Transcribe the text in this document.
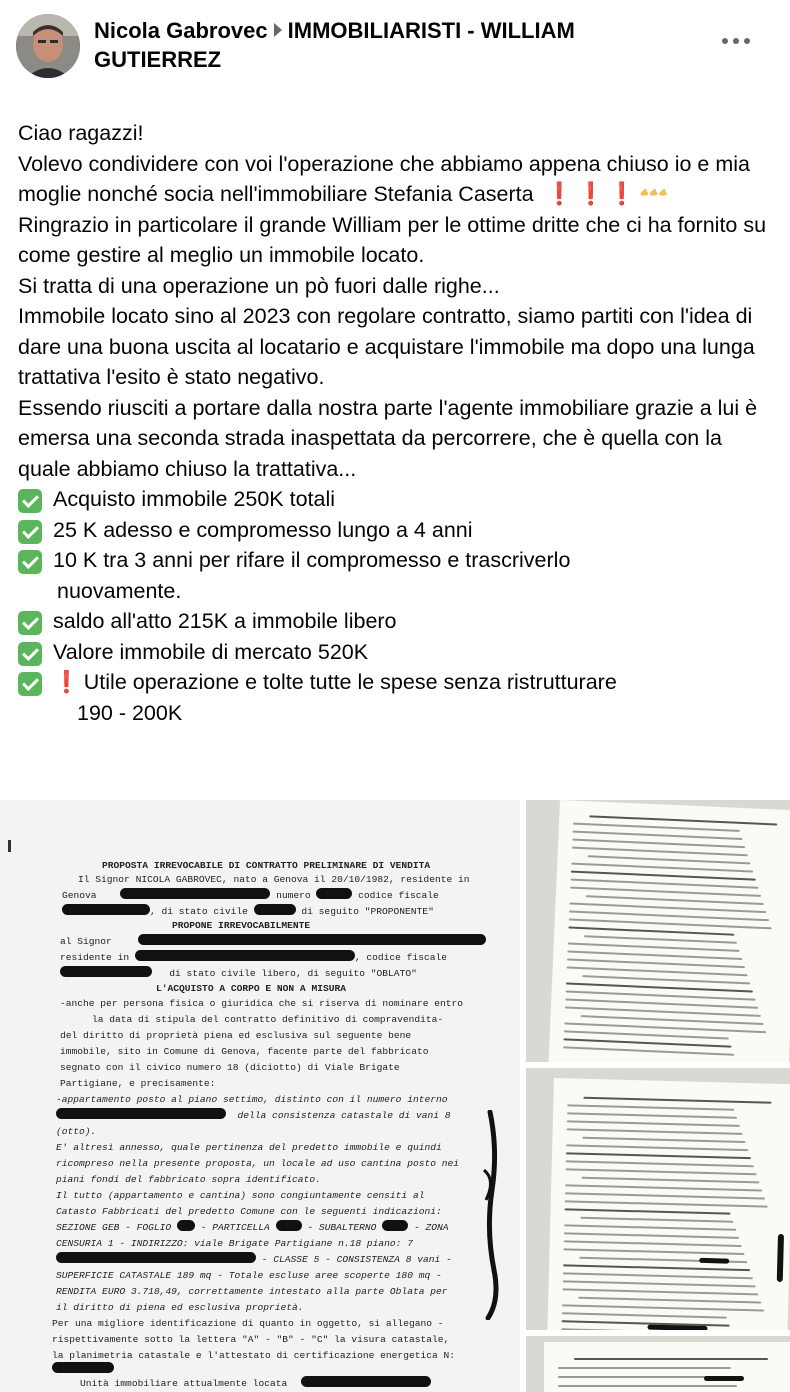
Nicola Gabrovec IMMOBILIARISTI - WILLIAM GUTIERREZ

Ciao ragazzi!

Volevo condividere con voi l'operazione che abbiamo appena chiuso io e mia moglie nonché socia nell'immobiliare Stefania Caserta ❗❗❗

Ringrazio in particolare il grande William per le ottime dritte che ci ha fornito su come gestire al meglio un immobile locato.

Si tratta di una operazione un pò fuori dalle righe...

Immobile locato sino al 2023 con regolare contratto, siamo partiti con l'idea di dare una buona uscita al locatario e acquistare l'immobile ma dopo una lunga trattativa l'esito è stato negativo.

Essendo riusciti a portare dalla nostra parte l'agente immobiliare grazie a lui è emersa una seconda strada inaspettata da percorrere, che è quella con la quale abbiamo chiuso la trattativa...

Acquisto immobile 250K totali
25 K adesso e compromesso lungo a 4 anni
10 K tra 3 anni per rifare il compromesso e trascriverlo
nuovamente.
saldo all'atto 215K a immobile libero
Valore immobile di mercato 520K
❗ Utile operazione e tolte tutte le spese senza ristrutturare
190 - 200K
PROPOSTA IRREVOCABILE DI CONTRATTO PRELIMINARE DI VENDITA
Il Signor NICOLA GABROVEC, nato a Genova il 20/10/1982, residente in
Genova	numero	codice fiscale
, di stato civile	di seguito "PROPONENTE"
PROPONE IRREVOCABILMENTE
al Signor
residente in	, codice fiscale
di stato civile libero, di seguito "OBLATO"
L'ACQUISTO A CORPO E NON A MISURA
-anche per persona fisica o giuridica che si riserva di nominare entro
la data di stipula del contratto definitivo di compravendita-
del diritto di proprietà piena ed esclusiva sul seguente bene
immobile, sito in Comune di Genova, facente parte del fabbricato
segnato con il civico numero 18 (diciotto) di Viale Brigate
Partigiane, e precisamente:
-appartamento posto al piano settimo, distinto con il numero interno
della consistenza catastale di vani 8
(otto).
E' altresì annesso, quale pertinenza del predetto immobile e quindi
ricompreso nella presente proposta, un locale ad uso cantina posto nei
piani fondi del fabbricato sopra identificato.
Il tutto (appartamento e cantina) sono congiuntamente censiti al
Catasto Fabbricati del predetto Comune con le seguenti indicazioni:
SEZIONE GEB - FOGLIO	- PARTICELLA	- SUBALTERNO	- ZONA
CENSURIA 1 - INDIRIZZO: viale Brigate Partigiane n.18 piano: 7
- CLASSE 5 - CONSISTENZA 8 vani -
SUPERFICIE CATASTALE 189 mq - Totale escluse aree scoperte 180 mq -
RENDITA EURO 3.718,49, correttamente intestato alla parte Oblata per
il diritto di piena ed esclusiva proprietà.
Per una migliore identificazione di quanto in oggetto, si allegano -
rispettivamente sotto la lettera "A" - "B" - "C" la visura catastale,
la planimetria catastale e l'attestato di certificazione energetica N:
Unità immobiliare attualmente locata
